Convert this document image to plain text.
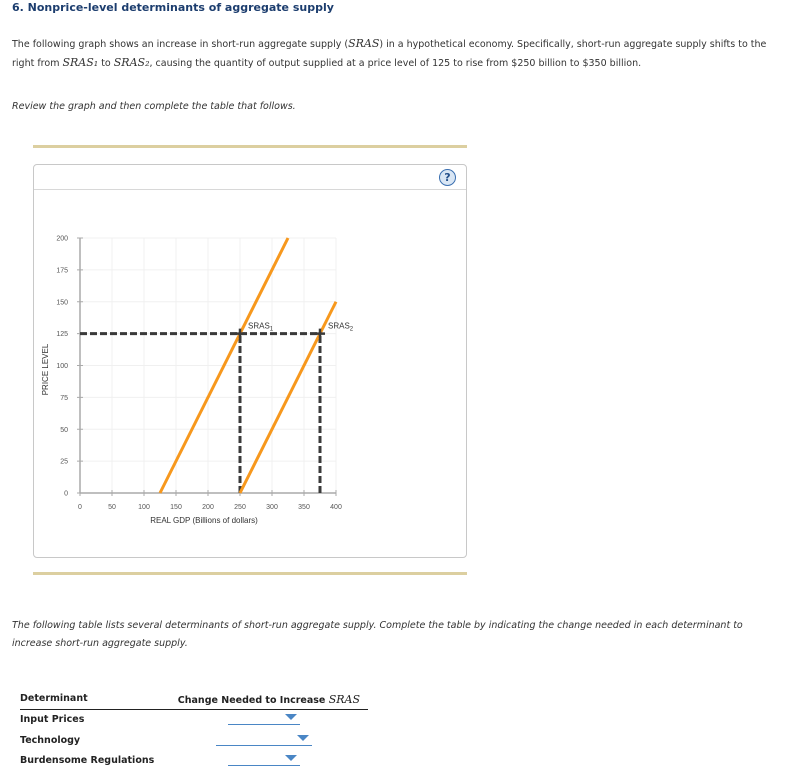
6. Nonprice-level determinants of aggregate supply
The following graph shows an increase in short-run aggregate supply (SRAS) in a hypothetical economy. Specifically, short-run aggregate supply shifts to the right from SRAS₁ to SRAS₂, causing the quantity of output supplied at a price level of 125 to rise from $250 billion to $350 billion.
Review the graph and then complete the table that follows.
?
0
25
50
75
100
125
150
175
200
0	50	100	150	200	250	300	350	400
REAL GDP (Billions of dollars)
PRICE LEVEL
$SRAS_1$	$SRAS_2$
The following table lists several determinants of short-run aggregate supply. Complete the table by indicating the change needed in each determinant to increase short-run aggregate supply.
Determinant	Change Needed to Increase SRAS
Input Prices
Technology
Burdensome Regulations
